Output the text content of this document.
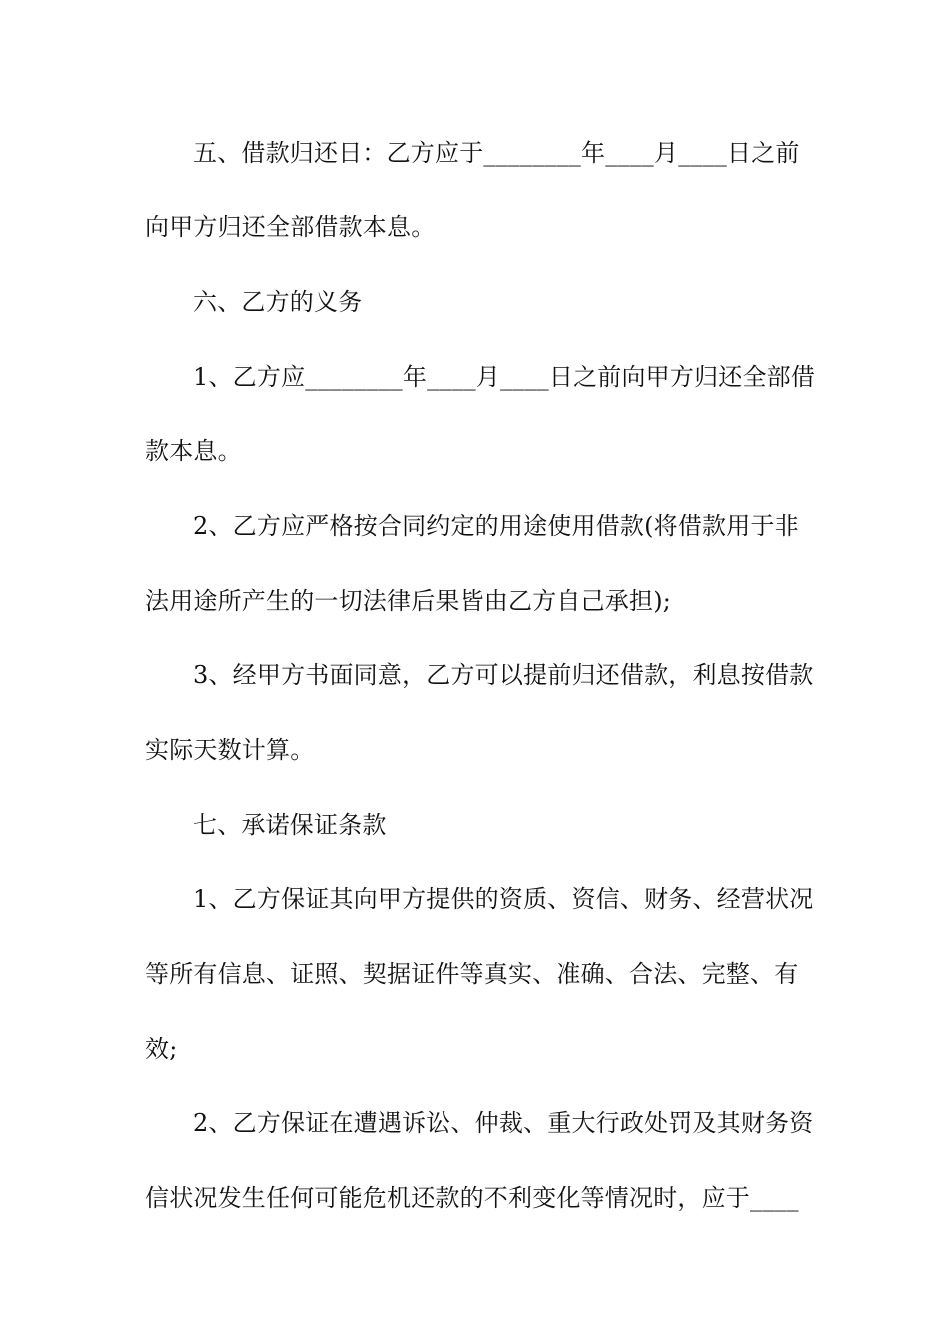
五、借款归还日：乙方应于________年____月____日之前
向甲方归还全部借款本息。
六、乙方的义务
1、乙方应________年____月____日之前向甲方归还全部借
款本息。
2、乙方应严格按合同约定的用途使用借款(将借款用于非
法用途所产生的一切法律后果皆由乙方自己承担);
3、经甲方书面同意，乙方可以提前归还借款，利息按借款
实际天数计算。
七、承诺保证条款
1、乙方保证其向甲方提供的资质、资信、财务、经营状况
等所有信息、证照、契据证件等真实、准确、合法、完整、有
效;
2、乙方保证在遭遇诉讼、仲裁、重大行政处罚及其财务资
信状况发生任何可能危机还款的不利变化等情况时，应于____
